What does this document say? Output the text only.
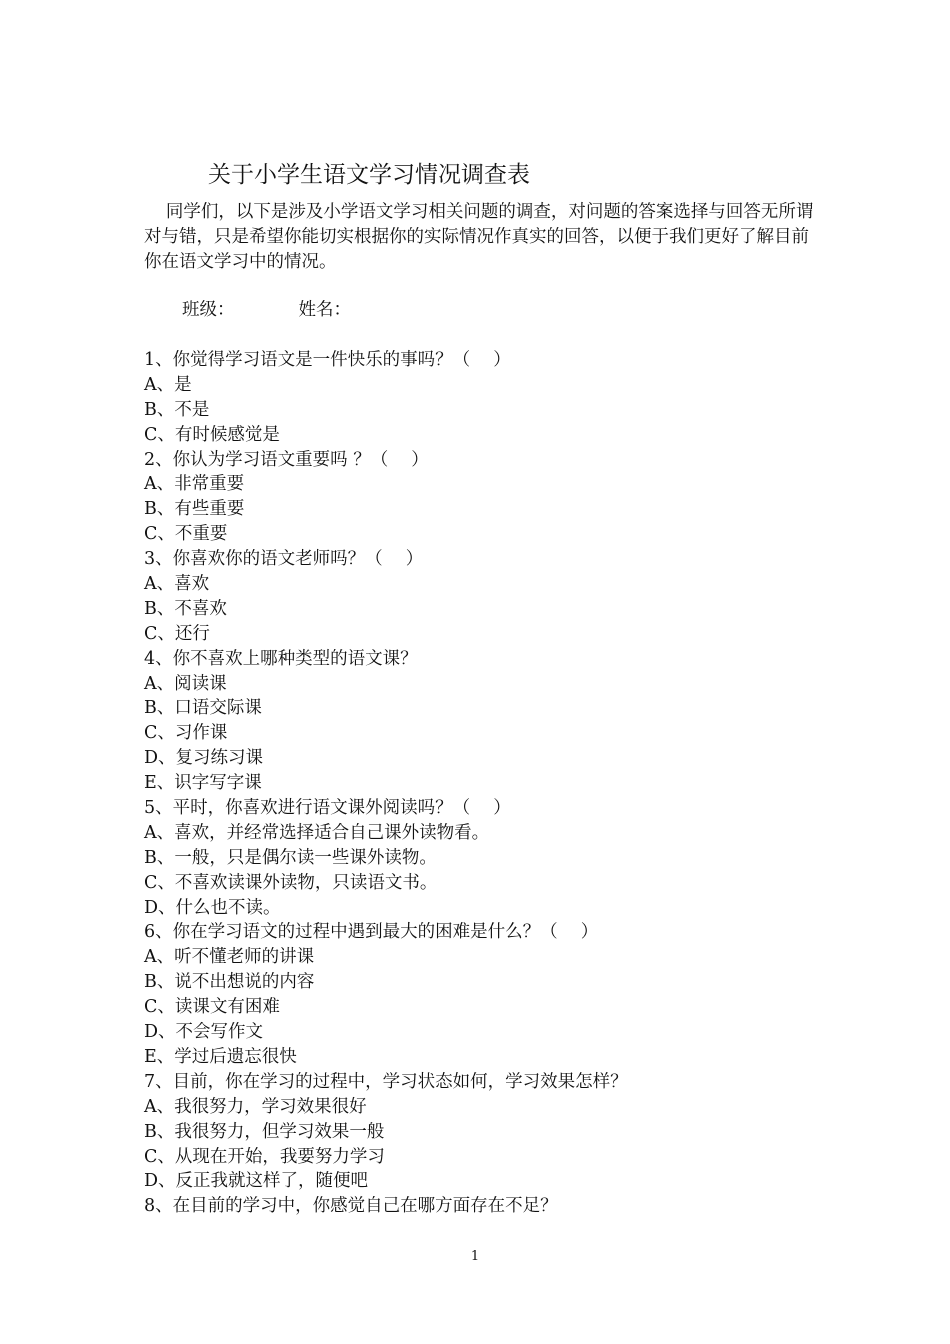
关于小学生语文学习情况调查表

同学们，以下是涉及小学语文学习相关问题的调查，对问题的答案选择与回答无所谓对与错，只是希望你能切实根据你的实际情况作真实的回答，以便于我们更好了解目前你在语文学习中的情况。

班级：	姓名：
1、你觉得学习语文是一件快乐的事吗？（　 ）
A、是
B、不是
C、有时候感觉是
2、你认为学习语文重要吗 ？（　 ）
A、非常重要
B、有些重要
C、不重要
3、你喜欢你的语文老师吗？（　 ）
A、喜欢
B、不喜欢
C、还行
4、你不喜欢上哪种类型的语文课？
A、阅读课
B、口语交际课
C、习作课
D、复习练习课
E、识字写字课
5、平时，你喜欢进行语文课外阅读吗？（　 ）
A、喜欢，并经常选择适合自己课外读物看。
B、一般，只是偶尔读一些课外读物。
C、不喜欢读课外读物，只读语文书。
D、什么也不读。
6、你在学习语文的过程中遇到最大的困难是什么？（　 ）
A、听不懂老师的讲课
B、说不出想说的内容
C、读课文有困难
D、不会写作文
E、学过后遗忘很快
7、目前，你在学习的过程中，学习状态如何，学习效果怎样？
A、我很努力，学习效果很好
B、我很努力，但学习效果一般
C、从现在开始，我要努力学习
D、反正我就这样了，随便吧
8、在目前的学习中，你感觉自己在哪方面存在不足？
1
